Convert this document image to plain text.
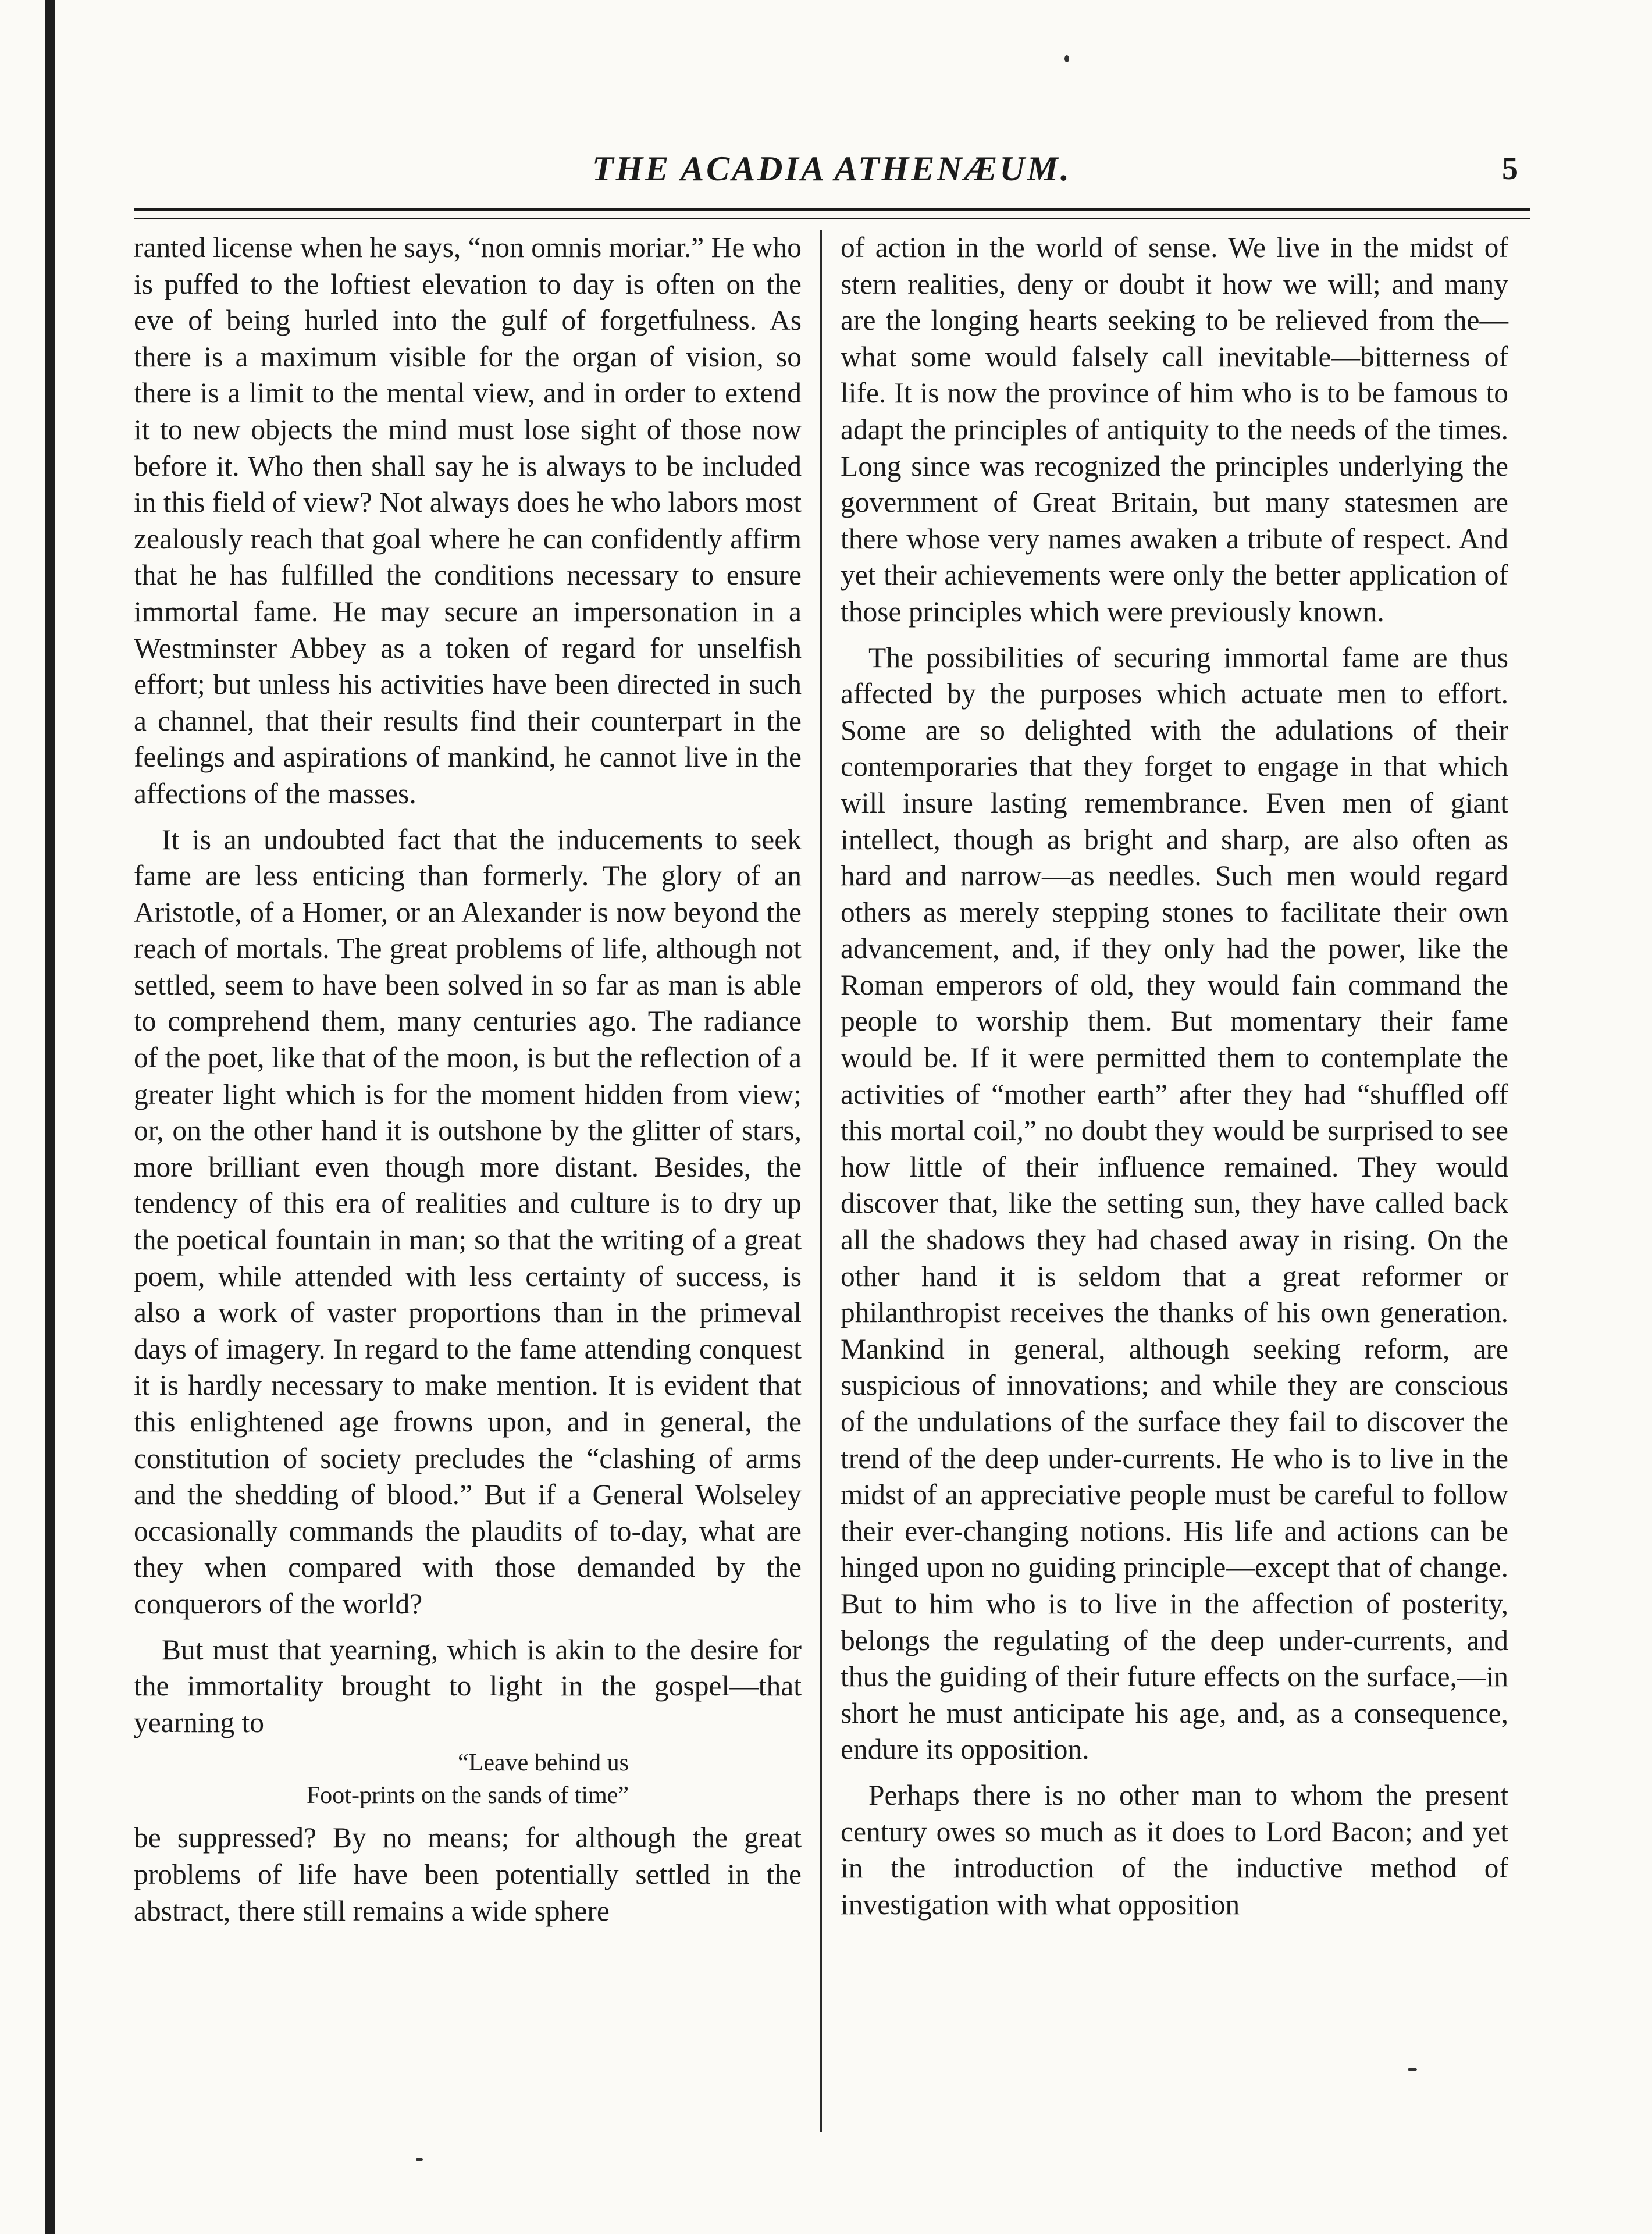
THE ACADIA ATHENÆUM.	5

ranted license when he says, “non omnis moriar.” He who is puffed to the loftiest elevation to day is often on the eve of being hurled into the gulf of forgetfulness. As there is a maximum visible for the organ of vision, so there is a limit to the mental view, and in order to extend it to new objects the mind must lose sight of those now before it. Who then shall say he is always to be included in this field of view? Not always does he who labors most zealously reach that goal where he can confidently affirm that he has fulfilled the conditions necessary to ensure immortal fame. He may secure an impersonation in a Westminster Abbey as a token of regard for unselfish effort; but unless his activities have been directed in such a channel, that their results find their counterpart in the feelings and aspirations of mankind, he cannot live in the affections of the masses.

It is an undoubted fact that the inducements to seek fame are less enticing than formerly. The glory of an Aristotle, of a Homer, or an Alexander is now beyond the reach of mortals. The great problems of life, although not settled, seem to have been solved in so far as man is able to comprehend them, many centuries ago. The radiance of the poet, like that of the moon, is but the reflection of a greater light which is for the moment hidden from view; or, on the other hand it is outshone by the glitter of stars, more brilliant even though more distant. Besides, the tendency of this era of realities and culture is to dry up the poetical fountain in man; so that the writing of a great poem, while attended with less certainty of success, is also a work of vaster proportions than in the primeval days of imagery. In regard to the fame attending conquest it is hardly necessary to make mention. It is evident that this enlightened age frowns upon, and in general, the constitution of society precludes the “clashing of arms and the shedding of blood.” But if a General Wolseley occasionally commands the plaudits of to-day, what are they when compared with those demanded by the conquerors of the world?

But must that yearning, which is akin to the desire for the immortality brought to light in the gospel—that yearning to

“Leave behind us
Foot-prints on the sands of time”

be suppressed? By no means; for although the great problems of life have been potentially settled in the abstract, there still remains a wide sphere

of action in the world of sense. We live in the midst of stern realities, deny or doubt it how we will; and many are the longing hearts seeking to be relieved from the—what some would falsely call inevitable—bitterness of life. It is now the province of him who is to be famous to adapt the principles of antiquity to the needs of the times. Long since was recognized the principles underlying the government of Great Britain, but many statesmen are there whose very names awaken a tribute of respect. And yet their achievements were only the better application of those principles which were previously known.

The possibilities of securing immortal fame are thus affected by the purposes which actuate men to effort. Some are so delighted with the adulations of their contemporaries that they forget to engage in that which will insure lasting remembrance. Even men of giant intellect, though as bright and sharp, are also often as hard and narrow—as needles. Such men would regard others as merely stepping stones to facilitate their own advancement, and, if they only had the power, like the Roman emperors of old, they would fain command the people to worship them. But momentary their fame would be. If it were permitted them to contemplate the activities of “mother earth” after they had “shuffled off this mortal coil,” no doubt they would be surprised to see how little of their influence remained. They would discover that, like the setting sun, they have called back all the shadows they had chased away in rising. On the other hand it is seldom that a great reformer or philanthropist receives the thanks of his own generation. Mankind in general, although seeking reform, are suspicious of innovations; and while they are conscious of the undulations of the surface they fail to discover the trend of the deep under-currents. He who is to live in the midst of an appreciative people must be careful to follow their ever-changing notions. His life and actions can be hinged upon no guiding principle—except that of change. But to him who is to live in the affection of posterity, belongs the regulating of the deep under-currents, and thus the guiding of their future effects on the surface,—in short he must anticipate his age, and, as a consequence, endure its opposition.

Perhaps there is no other man to whom the present century owes so much as it does to Lord Bacon; and yet in the introduction of the inductive method of investigation with what opposition
